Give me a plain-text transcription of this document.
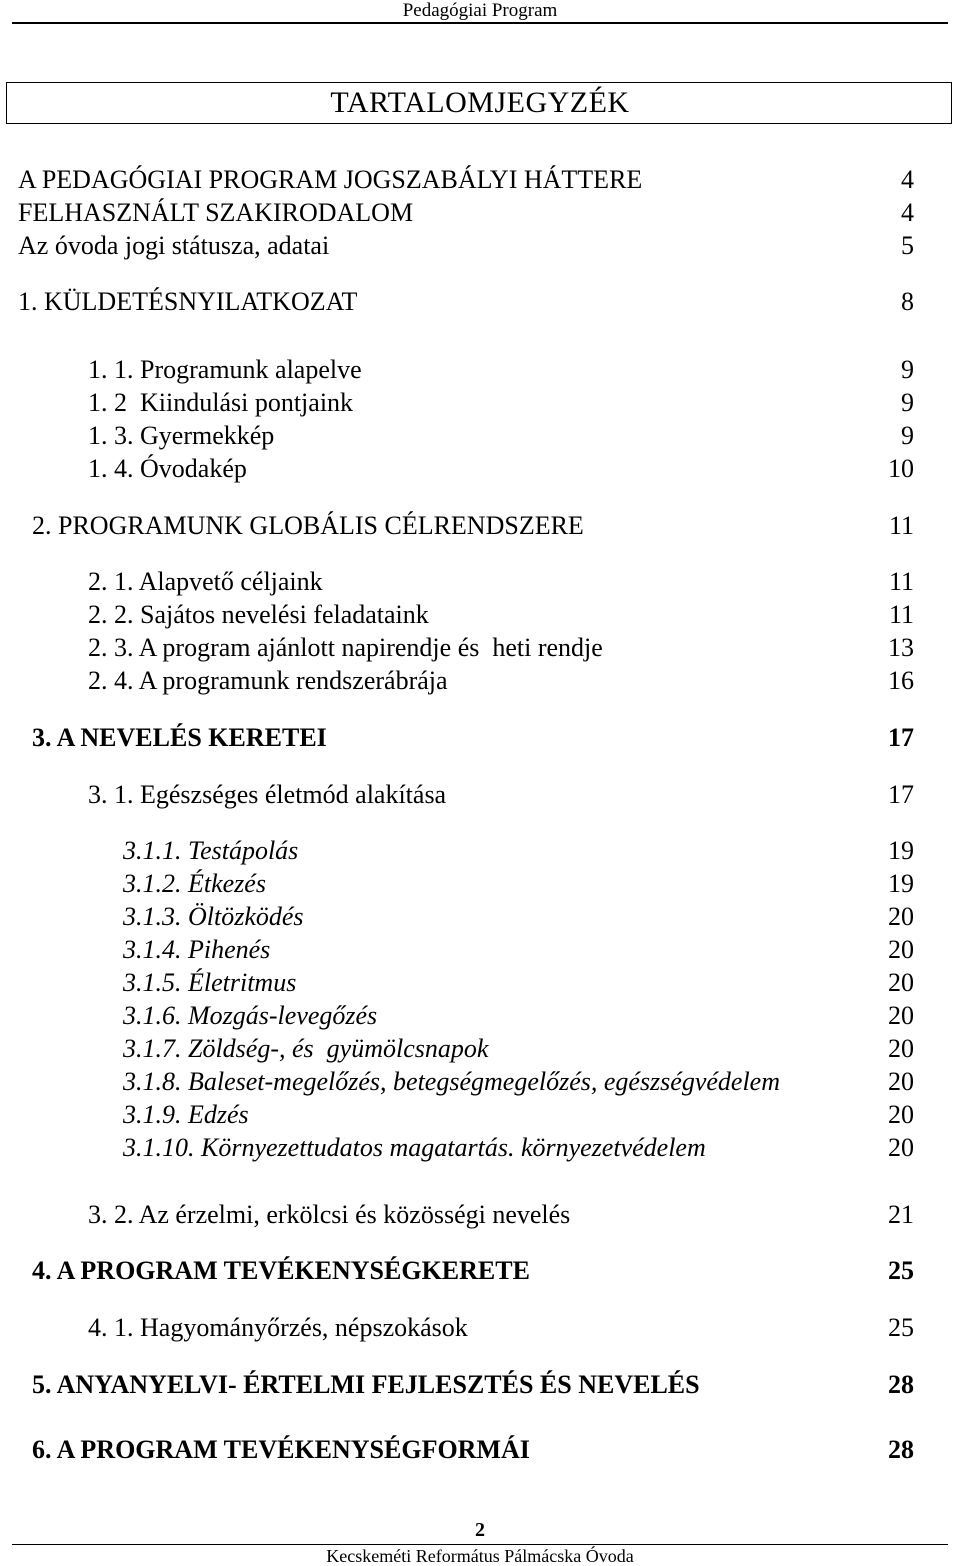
Pedagógiai Program
TARTALOMJEGYZÉK
A PEDAGÓGIAI PROGRAM JOGSZABÁLYI HÁTTERE	4
FELHASZNÁLT SZAKIRODALOM	4
Az óvoda jogi státusza, adatai	5
1. KÜLDETÉSNYILATKOZAT	8
1. 1. Programunk alapelve	9
1. 2  Kiindulási pontjaink	9
1. 3. Gyermekkép	9
1. 4. Óvodakép	10
2. PROGRAMUNK GLOBÁLIS CÉLRENDSZERE	11
2. 1. Alapvető céljaink	11
2. 2. Sajátos nevelési feladataink	11
2. 3. A program ajánlott napirendje és  heti rendje	13
2. 4. A programunk rendszerábrája	16
3. A NEVELÉS KERETEI	17
3. 1. Egészséges életmód alakítása	17
3.1.1. Testápolás	19
3.1.2. Étkezés	19
3.1.3. Öltözködés	20
3.1.4. Pihenés	20
3.1.5. Életritmus	20
3.1.6. Mozgás-levegőzés	20
3.1.7. Zöldség-, és  gyümölcsnapok	20
3.1.8. Baleset-megelőzés, betegségmegelőzés, egészségvédelem	20
3.1.9. Edzés	20
3.1.10. Környezettudatos magatartás. környezetvédelem	20
3. 2. Az érzelmi, erkölcsi és közösségi nevelés	21
4. A PROGRAM TEVÉKENYSÉGKERETE	25
4. 1. Hagyományőrzés, népszokások	25
5. ANYANYELVI- ÉRTELMI FEJLESZTÉS ÉS NEVELÉS	28
6. A PROGRAM TEVÉKENYSÉGFORMÁI	28
2
Kecskeméti Református Pálmácska Óvoda
